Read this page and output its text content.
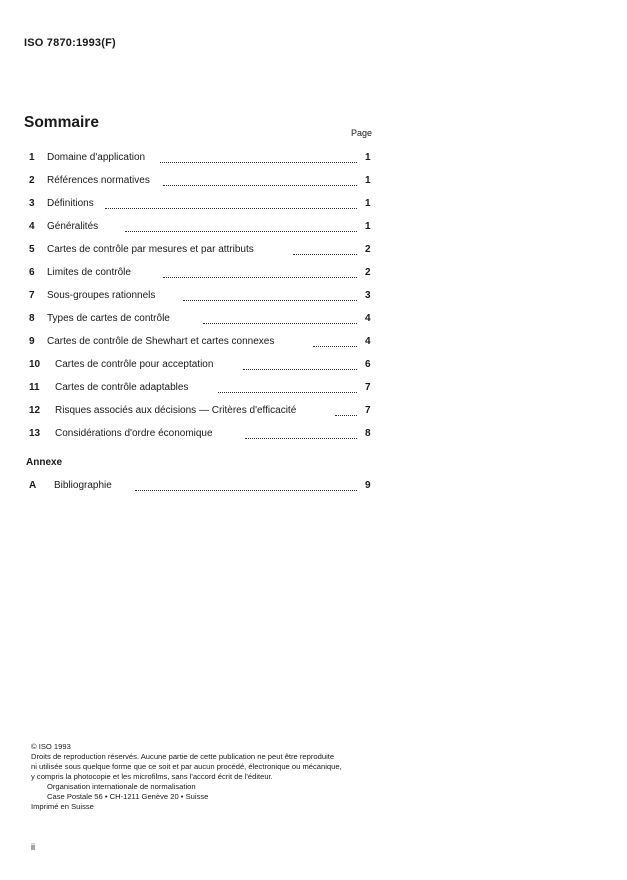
ISO 7870:1993(F)
Sommaire
Page
1 Domaine d'application	1
2 Références normatives	1
3 Définitions	1
4 Généralités	1
5 Cartes de contrôle par mesures et par attributs	2
6 Limites de contrôle	2
7 Sous-groupes rationnels	3
8 Types de cartes de contrôle	4
9 Cartes de contrôle de Shewhart et cartes connexes	4
10 Cartes de contrôle pour acceptation	6
11 Cartes de contrôle adaptables	7
12 Risques associés aux décisions — Critères d'efficacité	7
13 Considérations d'ordre économique	8
Annexe
A Bibliographie	9
© ISO 1993
Droits de reproduction réservés. Aucune partie de cette publication ne peut être reproduite
ni utilisée sous quelque forme que ce soit et par aucun procédé, électronique ou mécanique,
y compris la photocopie et les microfilms, sans l'accord écrit de l'éditeur.
Organisation internationale de normalisation
Case Postale 56 • CH-1211 Genève 20 • Suisse
Imprimé en Suisse
ii
